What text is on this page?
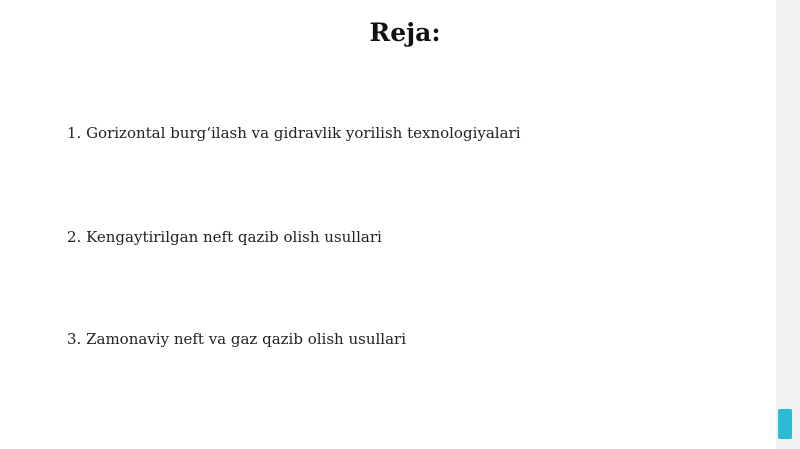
Reja:
1. Gorizontal burg‘ilash va gidravlik yorilish texnologiyalari
2. Kengaytirilgan neft qazib olish usullari
3. Zamonaviy neft va gaz qazib olish usullari
